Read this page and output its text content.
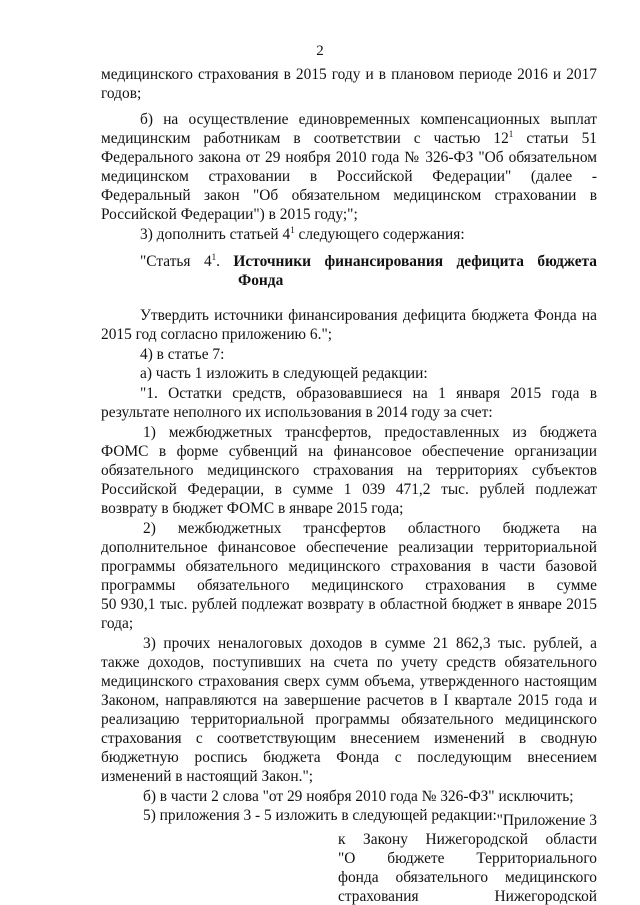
2
медицинского страхования в 2015 году и в плановом периоде 2016 и 2017
годов;
б) на осуществление единовременных компенсационных выплат
медицинским работникам в соответствии с частью $12^1$ статьи 51
Федерального закона от 29 ноября 2010 года № 326-ФЗ "Об обязательном
медицинском страховании в Российской Федерации" (далее -
Федеральный закон "Об обязательном медицинском страховании в
Российской Федерации") в 2015 году;";
3) дополнить статьей $4^1$ следующего содержания:
"Статья $4^1$. Источники финансирования дефицита бюджета
Фонда
Утвердить источники финансирования дефицита бюджета Фонда на
2015 год согласно приложению 6.";
4) в статье 7:
а) часть 1 изложить в следующей редакции:
"1. Остатки средств, образовавшиеся на 1 января 2015 года в
результате неполного их использования в 2014 году за счет:
1) межбюджетных трансфертов, предоставленных из бюджета
ФОМС в форме субвенций на финансовое обеспечение организации
обязательного медицинского страхования на территориях субъектов
Российской Федерации, в сумме 1 039 471,2 тыс. рублей подлежат
возврату в бюджет ФОМС в январе 2015 года;
2) межбюджетных трансфертов областного бюджета на
дополнительное финансовое обеспечение реализации территориальной
программы обязательного медицинского страхования в части базовой
программы обязательного медицинского страхования в сумме
50 930,1 тыс. рублей подлежат возврату в областной бюджет в январе 2015
года;
3) прочих неналоговых доходов в сумме 21 862,3 тыс. рублей, а
также доходов, поступивших на счета по учету средств обязательного
медицинского страхования сверх сумм объема, утвержденного настоящим
Законом, направляются на завершение расчетов в I квартале 2015 года и
реализацию территориальной программы обязательного медицинского
страхования с соответствующим внесением изменений в сводную
бюджетную роспись бюджета Фонда с последующим внесением
изменений в настоящий Закон.";
б) в части 2 слова "от 29 ноября 2010 года № 326-ФЗ" исключить;
5) приложения 3 - 5 изложить в следующей редакции: "Приложение 3
к Закону Нижегородской области
"О бюджете Территориального
фонда обязательного медицинского
страхования Нижегородской
